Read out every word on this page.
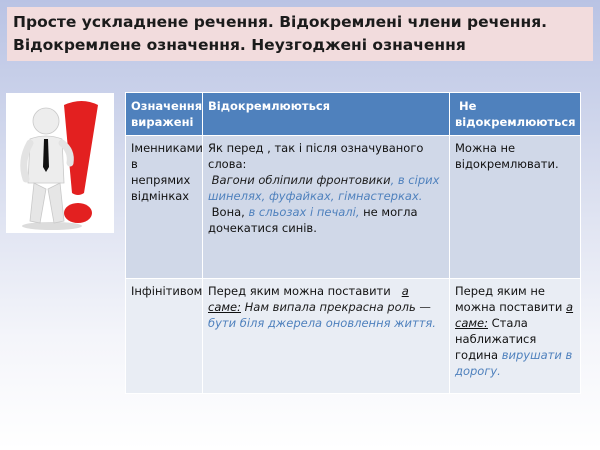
Просте ускладнене речення. Відокремлені члени речення.
Відокремлене означення. Неузгоджені означення
Означення виражені	Відокремлюються	Не відокремлюються
Іменниками в непрямих відмінках	Як перед , так і після означуваного слова:

Вагони обліпили фронтовики, в сірих шинелях, фуфайках, гімнастерках.

Вона, в сльозах і печалі, не могла дочекатися синів.	Можна не відокремлювати.
Інфінітивом	Перед яким можна поставити а саме: Нам випала прекрасна роль — бути біля джерела оновлення життя.	Перед яким не можна поставити а саме: Стала наближатися година вирушати в дорогу.
